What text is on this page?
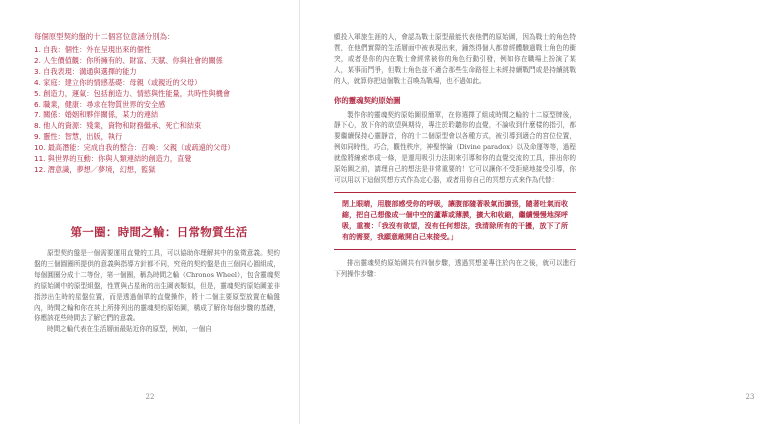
每個原型契約盤的十二個宮位意涵分別為：
1. 自我：個性：外在呈現出來的個性
2. 人生價值觀：你所擁有的、財富、天賦、你與社會的關係
3. 自我表現：溝通與選擇的能力
4. 家庭：建立你的情感基礎：母親（或親近的父母）
5. 創造力，運氣：包括創造力、情慾與性能量，共時性與機會
6. 職業，健康：尋求在物質世界的安全感
7. 關係：婚姻和夥伴關係，某力的連結
8. 他人的資源：殘業，資物和財務繼承、死亡和結束
9. 靈性：智慧，出版，執行
10. 最高潛能：完成自我的整合：召喚：父親（或疏遠的父母）
11. 與世界的互動：你與人類連結的創造力，直覺
12. 潛意識，夢想／夢境，幻想，監獄
第一圈：時間之輪：日常物質生活

原型契約盤是一個需要運用直覺的工具，可以協助你理解其中的象徵意義。契約盤的三個圓圈所提供的意義與指導方針都不同，究竟的契約盤是由三個同心圓組成，每個圓圈分成十二等份，第一個圈，稱為時間之輪（Chronos Wheel），包含靈魂契約原始圖中的原型組盤，性質與占星術的出生圖表類似，但是，靈魂契約原始圖並非指涉出生時的星盤位置，而是透過個單的直覺操作，將十二個主要原型放置在輪盤內，時間之輪和你在其上所排列出的靈魂契約原始圖，構成了解你每個步驟的基礎，你應該花些時間去了解它們的意義。

時間之輪代表在生活層面最貼近你的原型，例如，一個自

22	23

願投入軍旅生涯的人，會認為戰士原型最能代表他們的原始圖，因為戰士的角色特質，在他們實際的生活層面中被表現出來，鐘然得個人都曾經體驗過戰士角色的衝突，或者是你的內在戰士會經常被你的角色行動引發，例如你在職場上扮演了某人，某事而鬥爭，但戰士角色並不適合那些生命路徑上未經持續戰鬥或是持續挑戰的人，就算你把這個戰士召喚為戰場，也不過如此。

你的靈魂契約原始圖

製作你的靈魂契約原始圖很簡單，在你選擇了組成時間之輪的十二原型牌後，靜下心，放下你的欲望與期待，專注於聆聽你的直覺，不論收到什麼樣的指引，都要繼續保持心靈靜音，你的十二個原型會以各種方式，被引導到適合的宮位位置，例如同時性，巧合，觀性秩序，神聖悖論（Divine paradox）以及命運等等，過程就像將線索串成一條，是運用吸引力法則來引導和你的直覺交流的工具，排出你的原始圖之前，請理自己的想法是非常重要的！它可以讓你不受拒絕地接受引導，你可以用以下這個冥想方式作為定心器，或者用你自己的冥想方式來作為代替：

閉上眼睛，用腹部感受你的呼吸，讓腹部隨著吸氣而擴張，隨著吐氣而收縮，把自己想像成一個中空的蘆葦或薄膜，擴大和收縮，繼續慢慢地深呼吸，重複：「我沒有欲望，沒有任何想法，我清除所有的干擾，放下了所有的需要，我願意敞開自己來接受。」

排出靈魂契約原始圖共有四個步驟，透過冥想並專注於內在之後，就可以進行下列操作步驟：
